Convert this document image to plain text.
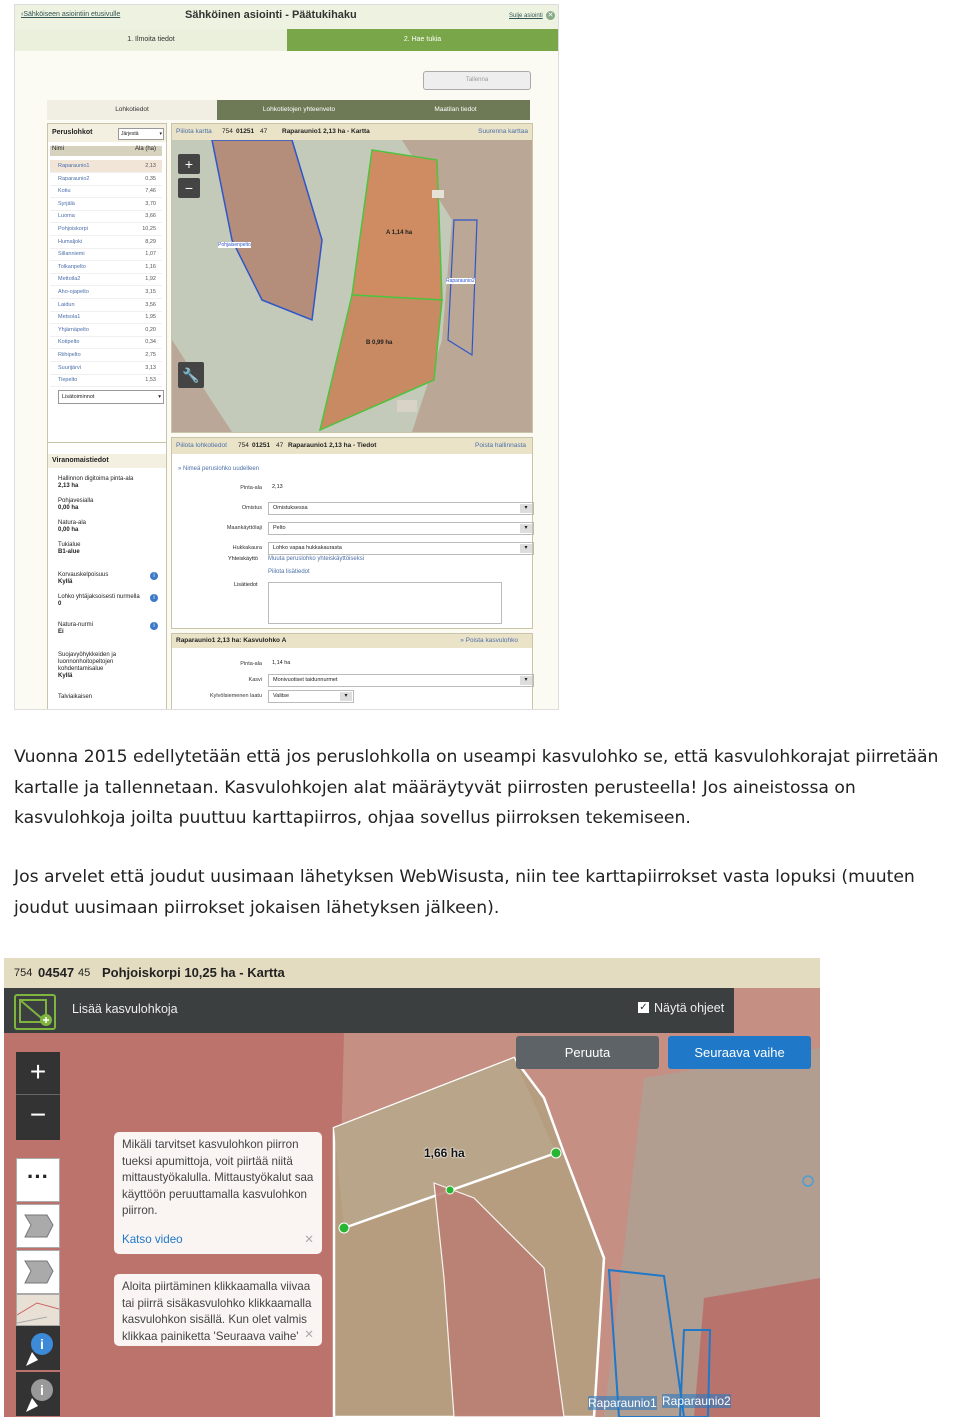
‹Sähköiseen asiointiin etusivulle	Sähköinen asiointi - Päätukihaku	Sulje asiointi ✕
1. Ilmoita tiedot	2. Hae tukia
Tallenna
Lohkotiedot	Lohkotietojen yhteenveto	Maatilan tiedot
Peruslohkot	Järjestä	▾
Nimi	Ala (ha)
Raparaunio1	2,13
Raparaunio2	0,35
Kotiu	7,46
Syrjälä	3,70
Luoma	3,66
Pohjoiskorpi	10,25
Humaljoki	8,29
Sillanniemi	1,07
Tolkanpelto	1,16
Mettoila2	1,92
Aho-ojapelto	3,15
Laidun	3,56
Metsola1	1,95
Yhjärnäpelto	0,20
Kotipelto	0,34
Riihipelto	2,75
Suurijärvi	3,13
Tiepelto	1,53
Lisätoiminnot	▾
Viranomaistiedot
Hallinnon digitoima pinta-ala
2,13 ha
Pohjavesialla
0,00 ha
Natura-ala
0,00 ha
Tukialue
B1-alue
Korvauskelpoisuus
Kyllä
i
Lohko yhtäjaksoisesti nurmella
0
i
Natura-nurmi
Ei
i
Suojavyöhykkeiden ja luonnonhoitopeltojen kohdentamisalue
Kyllä
Talviaikaisen
Piilota kartta 754 01251 47 Raparaunio1 2,13 ha - Kartta	Suurenna karttaa
+
−
🔧
Pohjaisenpelto
A 1,14 ha
B 0,99 ha
Raparaunio2
Piilota lohkotiedot 754 01251 47 Raparaunio1 2,13 ha - Tiedot	Poista hallinnasta
» Nimeä peruslohko uudelleen
Pinta-ala	2,13
Omistus	Omistuksessa	▾
Maankäyttölaji	Pelto	▾
Hukkakaura	Lohko vapaa hukkakaurasta	▾
Yhteiskäyttö Muuta peruslohko yhteiskäyttöiseksi
Piilota lisätiedot
Lisätiedot
Raparaunio1 2,13 ha: Kasvulohko A	» Poista kasvulohko
Pinta-ala	1,14 ha
Kasvi	Monivuotiset taidunnurmet	▾
Kylvölsiemenen laatu	Valitse	▾

Vuonna 2015 edellytetään että jos peruslohkolla on useampi kasvulohko se, että kasvulohkorajat piirretään kartalle ja tallennetaan. Kasvulohkojen alat määräytyvät piirrosten perusteella! Jos aineistossa on kasvulohkoja joilta puuttuu karttapiirros, ohjaa sovellus piirroksen tekemiseen.

Jos arvelet että joudut uusimaan lähetyksen WebWisusta, niin tee karttapiirrokset vasta lopuksi (muuten joudut uusimaan piirrokset jokaisen lähetyksen jälkeen).

754 04547 45 Pohjoiskorpi 10,25 ha - Kartta
Lisää kasvulohkoja	✓ Näytä ohjeet
Peruuta	Seuraava vaihe
+
−
···
i
i
Mikäli tarvitset kasvulohkon piirron tueksi apumittoja, voit piirtää niitä mittaustyökalulla. Mittaustyökalut saa käyttöön peruuttamalla kasvulohkon piirron.
Katso video	✕
Aloita piirtäminen klikkaamalla viivaa tai piirrä sisäkasvulohko klikkaamalla kasvulohkon sisällä. Kun olet valmis klikkaa painiketta 'Seuraava vaihe' ✕
1,66 ha
Raparaunio1 Raparaunio2
